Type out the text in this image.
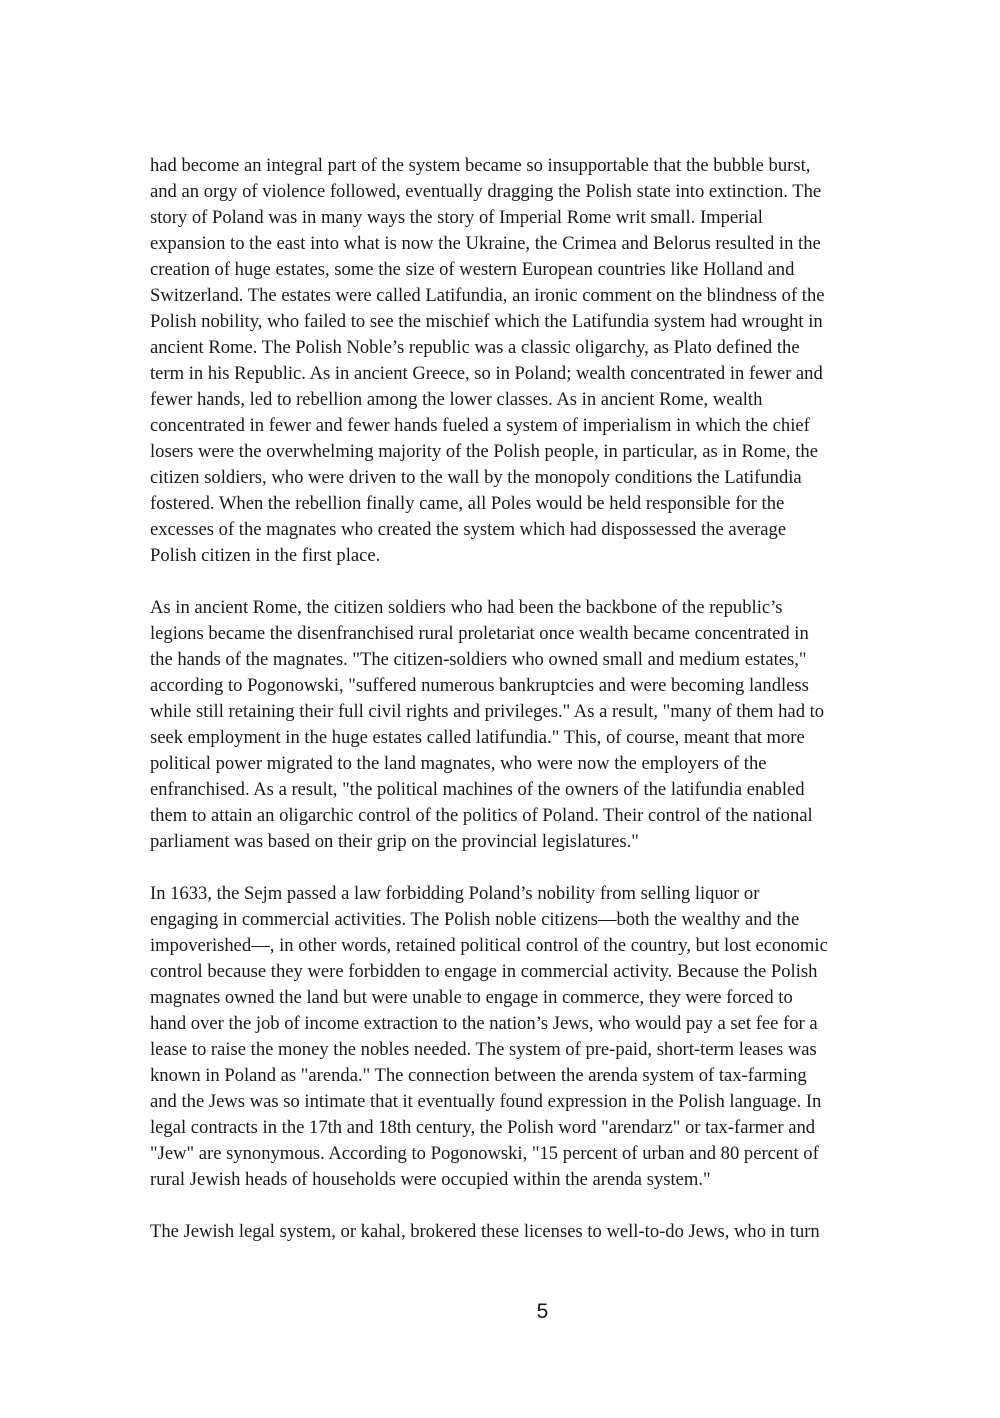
had become an integral part of the system became so insupportable that the bubble burst,
and an orgy of violence followed, eventually dragging the Polish state into extinction. The
story of Poland was in many ways the story of Imperial Rome writ small. Imperial
expansion to the east into what is now the Ukraine, the Crimea and Belorus resulted in the
creation of huge estates, some the size of western European countries like Holland and
Switzerland. The estates were called Latifundia, an ironic comment on the blindness of the
Polish nobility, who failed to see the mischief which the Latifundia system had wrought in
ancient Rome. The Polish Noble’s republic was a classic oligarchy, as Plato defined the
term in his Republic. As in ancient Greece, so in Poland; wealth concentrated in fewer and
fewer hands, led to rebellion among the lower classes. As in ancient Rome, wealth
concentrated in fewer and fewer hands fueled a system of imperialism in which the chief
losers were the overwhelming majority of the Polish people, in particular, as in Rome, the
citizen soldiers, who were driven to the wall by the monopoly conditions the Latifundia
fostered. When the rebellion finally came, all Poles would be held responsible for the
excesses of the magnates who created the system which had dispossessed the average
Polish citizen in the first place.

As in ancient Rome, the citizen soldiers who had been the backbone of the republic’s
legions became the disenfranchised rural proletariat once wealth became concentrated in
the hands of the magnates. "The citizen-soldiers who owned small and medium estates,"
according to Pogonowski, "suffered numerous bankruptcies and were becoming landless
while still retaining their full civil rights and privileges." As a result, "many of them had to
seek employment in the huge estates called latifundia." This, of course, meant that more
political power migrated to the land magnates, who were now the employers of the
enfranchised. As a result, "the political machines of the owners of the latifundia enabled
them to attain an oligarchic control of the politics of Poland. Their control of the national
parliament was based on their grip on the provincial legislatures."

In 1633, the Sejm passed a law forbidding Poland’s nobility from selling liquor or
engaging in commercial activities. The Polish noble citizens—both the wealthy and the
impoverished—, in other words, retained political control of the country, but lost economic
control because they were forbidden to engage in commercial activity. Because the Polish
magnates owned the land but were unable to engage in commerce, they were forced to
hand over the job of income extraction to the nation’s Jews, who would pay a set fee for a
lease to raise the money the nobles needed. The system of pre-paid, short-term leases was
known in Poland as "arenda." The connection between the arenda system of tax-farming
and the Jews was so intimate that it eventually found expression in the Polish language. In
legal contracts in the 17th and 18th century, the Polish word "arendarz" or tax-farmer and
"Jew" are synonymous. According to Pogonowski, "15 percent of urban and 80 percent of
rural Jewish heads of households were occupied within the arenda system."

The Jewish legal system, or kahal, brokered these licenses to well-to-do Jews, who in turn

5
